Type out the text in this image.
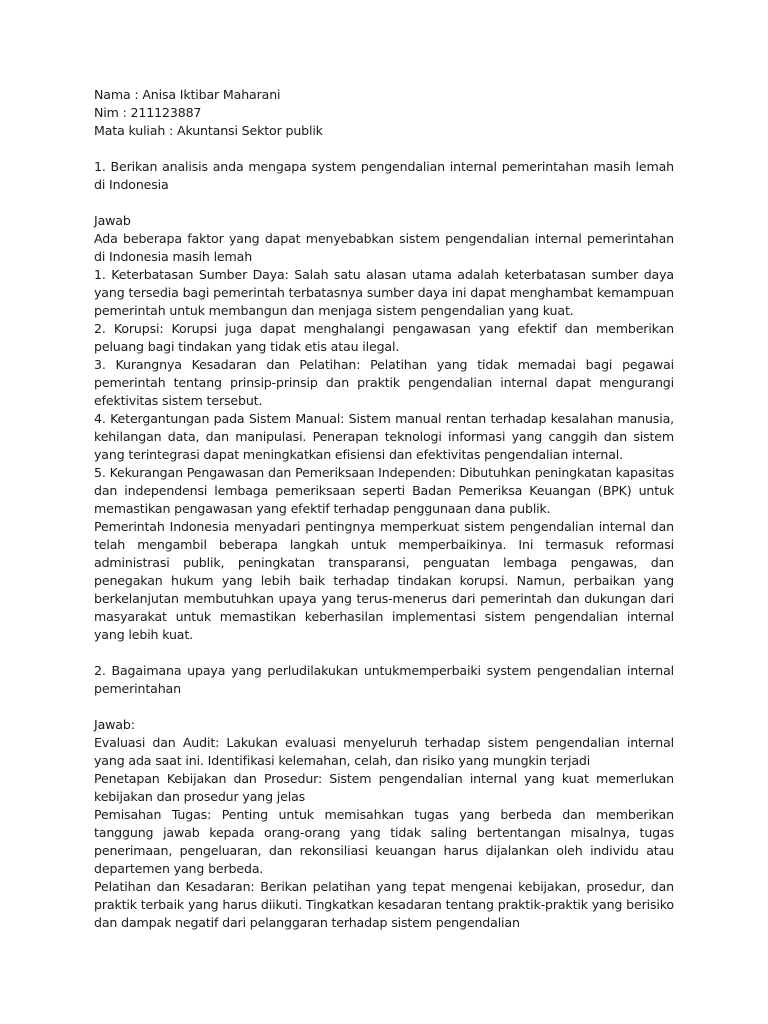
Nama : Anisa Iktibar Maharani

Nim : 211123887

Mata kuliah : Akuntansi Sektor publik

1. Berikan analisis anda mengapa system pengendalian internal pemerintahan masih lemah di Indonesia

Jawab

Ada beberapa faktor yang dapat menyebabkan sistem pengendalian internal pemerintahan di Indonesia masih lemah

1. Keterbatasan Sumber Daya: Salah satu alasan utama adalah keterbatasan sumber daya yang tersedia bagi pemerintah terbatasnya sumber daya ini dapat menghambat kemampuan pemerintah untuk membangun dan menjaga sistem pengendalian yang kuat.

2. Korupsi: Korupsi juga dapat menghalangi pengawasan yang efektif dan memberikan peluang bagi tindakan yang tidak etis atau ilegal.

3. Kurangnya Kesadaran dan Pelatihan: Pelatihan yang tidak memadai bagi pegawai pemerintah tentang prinsip-prinsip dan praktik pengendalian internal dapat mengurangi efektivitas sistem tersebut.

4. Ketergantungan pada Sistem Manual: Sistem manual rentan terhadap kesalahan manusia, kehilangan data, dan manipulasi. Penerapan teknologi informasi yang canggih dan sistem yang terintegrasi dapat meningkatkan efisiensi dan efektivitas pengendalian internal.

5. Kekurangan Pengawasan dan Pemeriksaan Independen: Dibutuhkan peningkatan kapasitas dan independensi lembaga pemeriksaan seperti Badan Pemeriksa Keuangan (BPK) untuk memastikan pengawasan yang efektif terhadap penggunaan dana publik.

Pemerintah Indonesia menyadari pentingnya memperkuat sistem pengendalian internal dan telah mengambil beberapa langkah untuk memperbaikinya. Ini termasuk reformasi administrasi publik, peningkatan transparansi, penguatan lembaga pengawas, dan penegakan hukum yang lebih baik terhadap tindakan korupsi. Namun, perbaikan yang berkelanjutan membutuhkan upaya yang terus-menerus dari pemerintah dan dukungan dari masyarakat untuk memastikan keberhasilan implementasi sistem pengendalian internal yang lebih kuat.

2. Bagaimana upaya yang perludilakukan untukmemperbaiki system pengendalian internal pemerintahan

Jawab:

Evaluasi dan Audit: Lakukan evaluasi menyeluruh terhadap sistem pengendalian internal yang ada saat ini. Identifikasi kelemahan, celah, dan risiko yang mungkin terjadi

Penetapan Kebijakan dan Prosedur: Sistem pengendalian internal yang kuat memerlukan kebijakan dan prosedur yang jelas

Pemisahan Tugas: Penting untuk memisahkan tugas yang berbeda dan memberikan tanggung jawab kepada orang-orang yang tidak saling bertentangan misalnya, tugas penerimaan, pengeluaran, dan rekonsiliasi keuangan harus dijalankan oleh individu atau departemen yang berbeda.

Pelatihan dan Kesadaran: Berikan pelatihan yang tepat mengenai kebijakan, prosedur, dan praktik terbaik yang harus diikuti. Tingkatkan kesadaran tentang praktik-praktik yang berisiko dan dampak negatif dari pelanggaran terhadap sistem pengendalian
